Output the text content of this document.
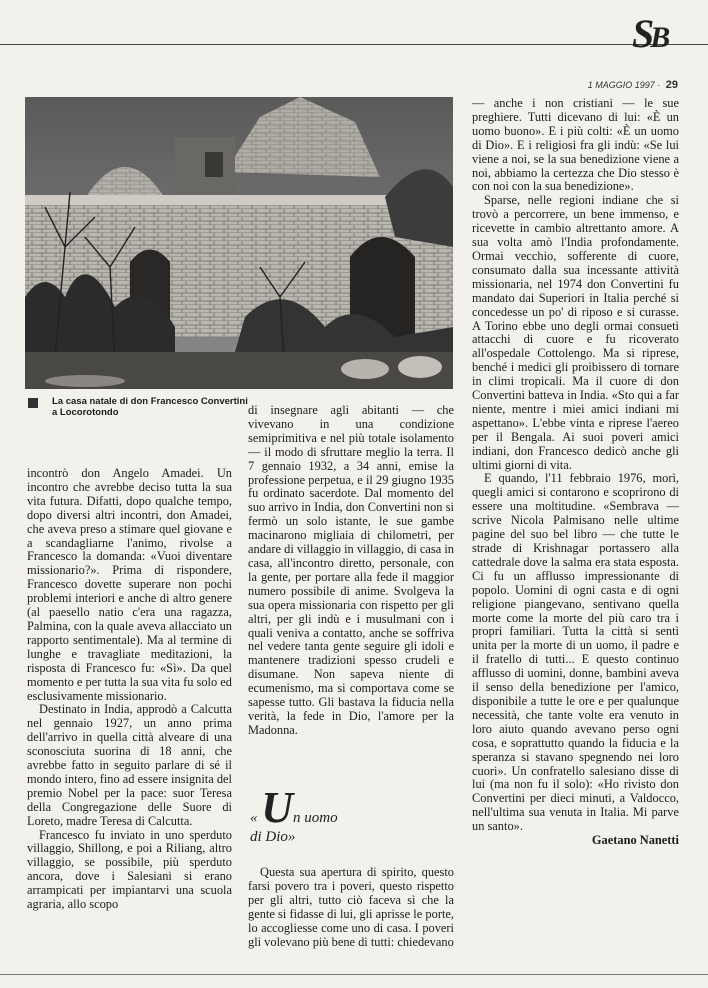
SB
1 MAGGIO 1997 · 29
La casa natale di don Francesco Convertini a Locorotondo

incontrò don Angelo Amadei. Un incontro che avrebbe deciso tutta la sua vita futura. Difatti, dopo qualche tempo, dopo diversi altri incontri, don Amadei, che aveva preso a stimare quel giovane e a scandagliarne l'animo, rivolse a Francesco la domanda: «Vuoi diventare missionario?». Prima di rispondere, Francesco dovette superare non pochi problemi interiori e anche di altro genere (al paesello natio c'era una ragazza, Palmina, con la quale aveva allacciato un rapporto sentimentale). Ma al termine di lunghe e travagliate meditazioni, la risposta di Francesco fu: «Sì». Da quel momento e per tutta la sua vita fu solo ed esclusivamente missionario.

Destinato in India, approdò a Calcutta nel gennaio 1927, un anno prima dell'arrivo in quella città alveare di una sconosciuta suorina di 18 anni, che avrebbe fatto in seguito parlare di sé il mondo intero, fino ad essere insignita del premio Nobel per la pace: suor Teresa della Congregazione delle Suore di Loreto, madre Teresa di Calcutta.

Francesco fu inviato in uno sperduto villaggio, Shillong, e poi a Riliang, altro villaggio, se possibile, più sperduto ancora, dove i Salesiani si erano arrampicati per impiantarvi una scuola agraria, allo scopo

di insegnare agli abitanti — che vivevano in una condizione semiprimitiva e nel più totale isolamento — il modo di sfruttare meglio la terra. Il 7 gennaio 1932, a 34 anni, emise la professione perpetua, e il 29 giugno 1935 fu ordinato sacerdote. Dal momento del suo arrivo in India, don Convertini non si fermò un solo istante, le sue gambe macinarono migliaia di chilometri, per andare di villaggio in villaggio, di casa in casa, all'incontro diretto, personale, con la gente, per portare alla fede il maggior numero possibile di anime. Svolgeva la sua opera missionaria con rispetto per gli altri, per gli indù e i musulmani con i quali veniva a contatto, anche se soffriva nel vedere tanta gente seguire gli idoli e mantenere tradizioni spesso crudeli e disumane. Non sapeva niente di ecumenismo, ma si comportava come se sapesse tutto. Gli bastava la fiducia nella verità, la fede in Dio, l'amore per la Madonna.

« Un uomo
di Dio»

Questa sua apertura di spirito, questo farsi povero tra i poveri, questo rispetto per gli altri, tutto ciò faceva sì che la gente si fidasse di lui, gli aprisse le porte, lo accogliesse come uno di casa. I poveri gli volevano più bene di tutti: chiedevano

— anche i non cristiani — le sue preghiere. Tutti dicevano di lui: «È un uomo buono». E i più colti: «È un uomo di Dio». E i religiosi fra gli indù: «Se lui viene a noi, se la sua benedizione viene a noi, abbiamo la certezza che Dio stesso è con noi con la sua benedizione».

Sparse, nelle regioni indiane che si trovò a percorrere, un bene immenso, e ricevette in cambio altrettanto amore. A sua volta amò l'India profondamente. Ormai vecchio, sofferente di cuore, consumato dalla sua incessante attività missionaria, nel 1974 don Convertini fu mandato dai Superiori in Italia perché si concedesse un po' di riposo e si curasse. A Torino ebbe uno degli ormai consueti attacchi di cuore e fu ricoverato all'ospedale Cottolengo. Ma si riprese, benché i medici gli proibissero di tornare in climi tropicali. Ma il cuore di don Convertini batteva in India. «Sto qui a far niente, mentre i miei amici indiani mi aspettano». L'ebbe vinta e riprese l'aereo per il Bengala. Ai suoi poveri amici indiani, don Francesco dedicò anche gli ultimi giorni di vita.

E quando, l'11 febbraio 1976, morì, quegli amici si contarono e scoprirono di essere una moltitudine. «Sembrava — scrive Nicola Palmisano nelle ultime pagine del suo bel libro — che tutte le strade di Krishnagar portassero alla cattedrale dove la salma era stata esposta. Ci fu un afflusso impressionante di popolo. Uomini di ogni casta e di ogni religione piangevano, sentivano quella morte come la morte del più caro tra i propri familiari. Tutta la città si sentì unita per la morte di un uomo, il padre e il fratello di tutti... E questo continuo afflusso di uomini, donne, bambini aveva il senso della benedizione per l'amico, disponibile a tutte le ore e per qualunque necessità, che tante volte era venuto in loro aiuto quando avevano perso ogni cosa, e soprattutto quando la fiducia e la speranza si stavano spegnendo nei loro cuori». Un confratello salesiano disse di lui (ma non fu il solo): «Ho rivisto don Convertini per dieci minuti, a Valdocco, nell'ultima sua venuta in Italia. Mi parve un santo».

Gaetano Nanetti
